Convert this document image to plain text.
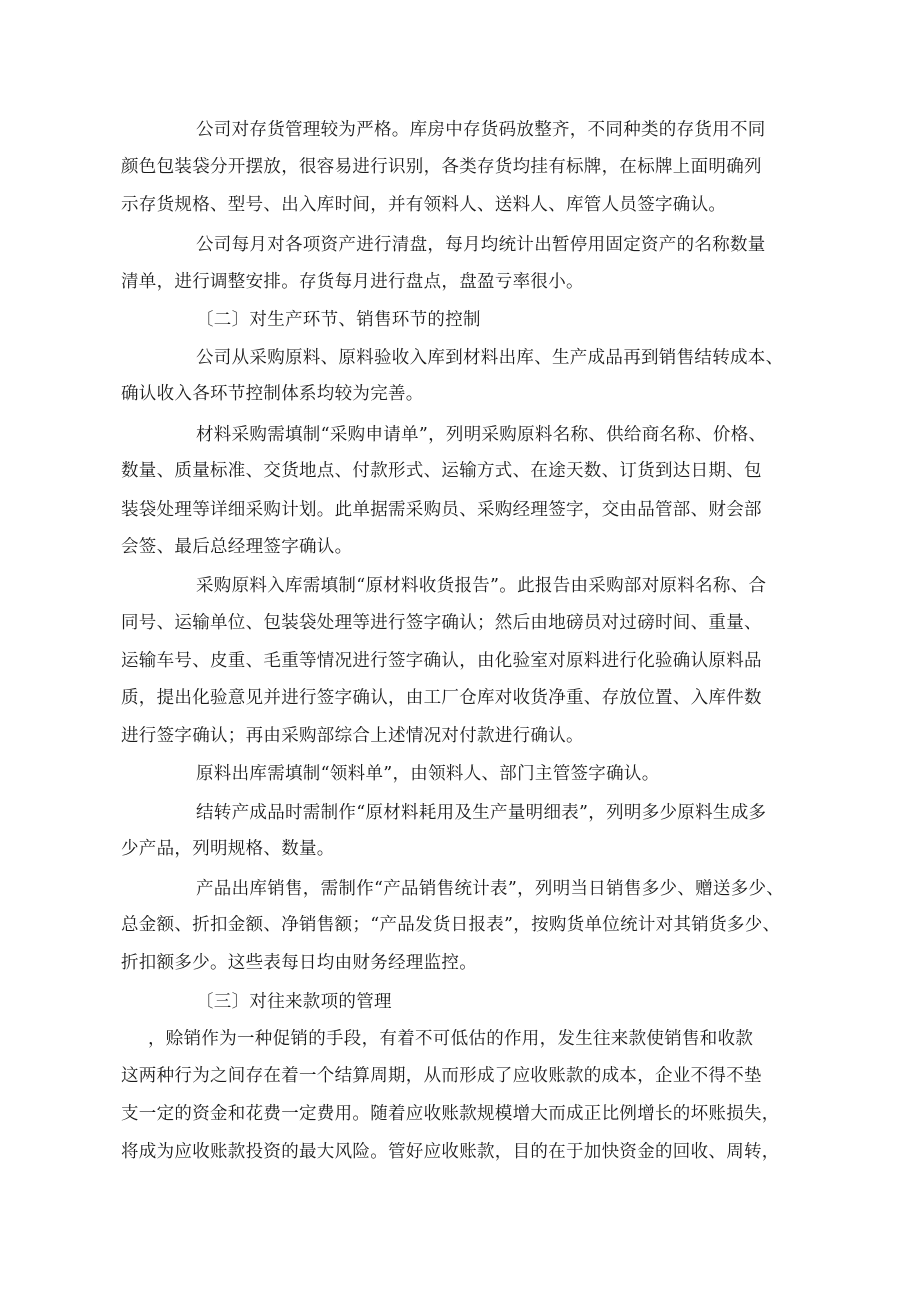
公司对存货管理较为严格。库房中存货码放整齐，不同种类的存货用不同
颜色包装袋分开摆放，很容易进行识别，各类存货均挂有标牌，在标牌上面明确列
示存货规格、型号、出入库时间，并有领料人、送料人、库管人员签字确认。
公司每月对各项资产进行清盘，每月均统计出暂停用固定资产的名称数量
清单，进行调整安排。存货每月进行盘点，盘盈亏率很小。
〔二〕对生产环节、销售环节的控制
公司从采购原料、原料验收入库到材料出库、生产成品再到销售结转成本、
确认收入各环节控制体系均较为完善。
材料采购需填制“采购申请单”，列明采购原料名称、供给商名称、价格、
数量、质量标准、交货地点、付款形式、运输方式、在途天数、订货到达日期、包
装袋处理等详细采购计划。此单据需采购员、采购经理签字，交由品管部、财会部
会签、最后总经理签字确认。
采购原料入库需填制“原材料收货报告”。此报告由采购部对原料名称、合
同号、运输单位、包装袋处理等进行签字确认；然后由地磅员对过磅时间、重量、
运输车号、皮重、毛重等情况进行签字确认，由化验室对原料进行化验确认原料品
质，提出化验意见并进行签字确认，由工厂仓库对收货净重、存放位置、入库件数
进行签字确认；再由采购部综合上述情况对付款进行确认。
原料出库需填制“领料单”，由领料人、部门主管签字确认。
结转产成品时需制作“原材料耗用及生产量明细表”，列明多少原料生成多
少产品，列明规格、数量。
产品出库销售，需制作“产品销售统计表”，列明当日销售多少、赠送多少、
总金额、折扣金额、净销售额；“产品发货日报表”，按购货单位统计对其销货多少、
折扣额多少。这些表每日均由财务经理监控。
〔三〕对往来款项的管理
，赊销作为一种促销的手段，有着不可低估的作用，发生往来款使销售和收款
这两种行为之间存在着一个结算周期，从而形成了应收账款的成本，企业不得不垫
支一定的资金和花费一定费用。随着应收账款规模增大而成正比例增长的坏账损失，
将成为应收账款投资的最大风险。管好应收账款，目的在于加快资金的回收、周转，
